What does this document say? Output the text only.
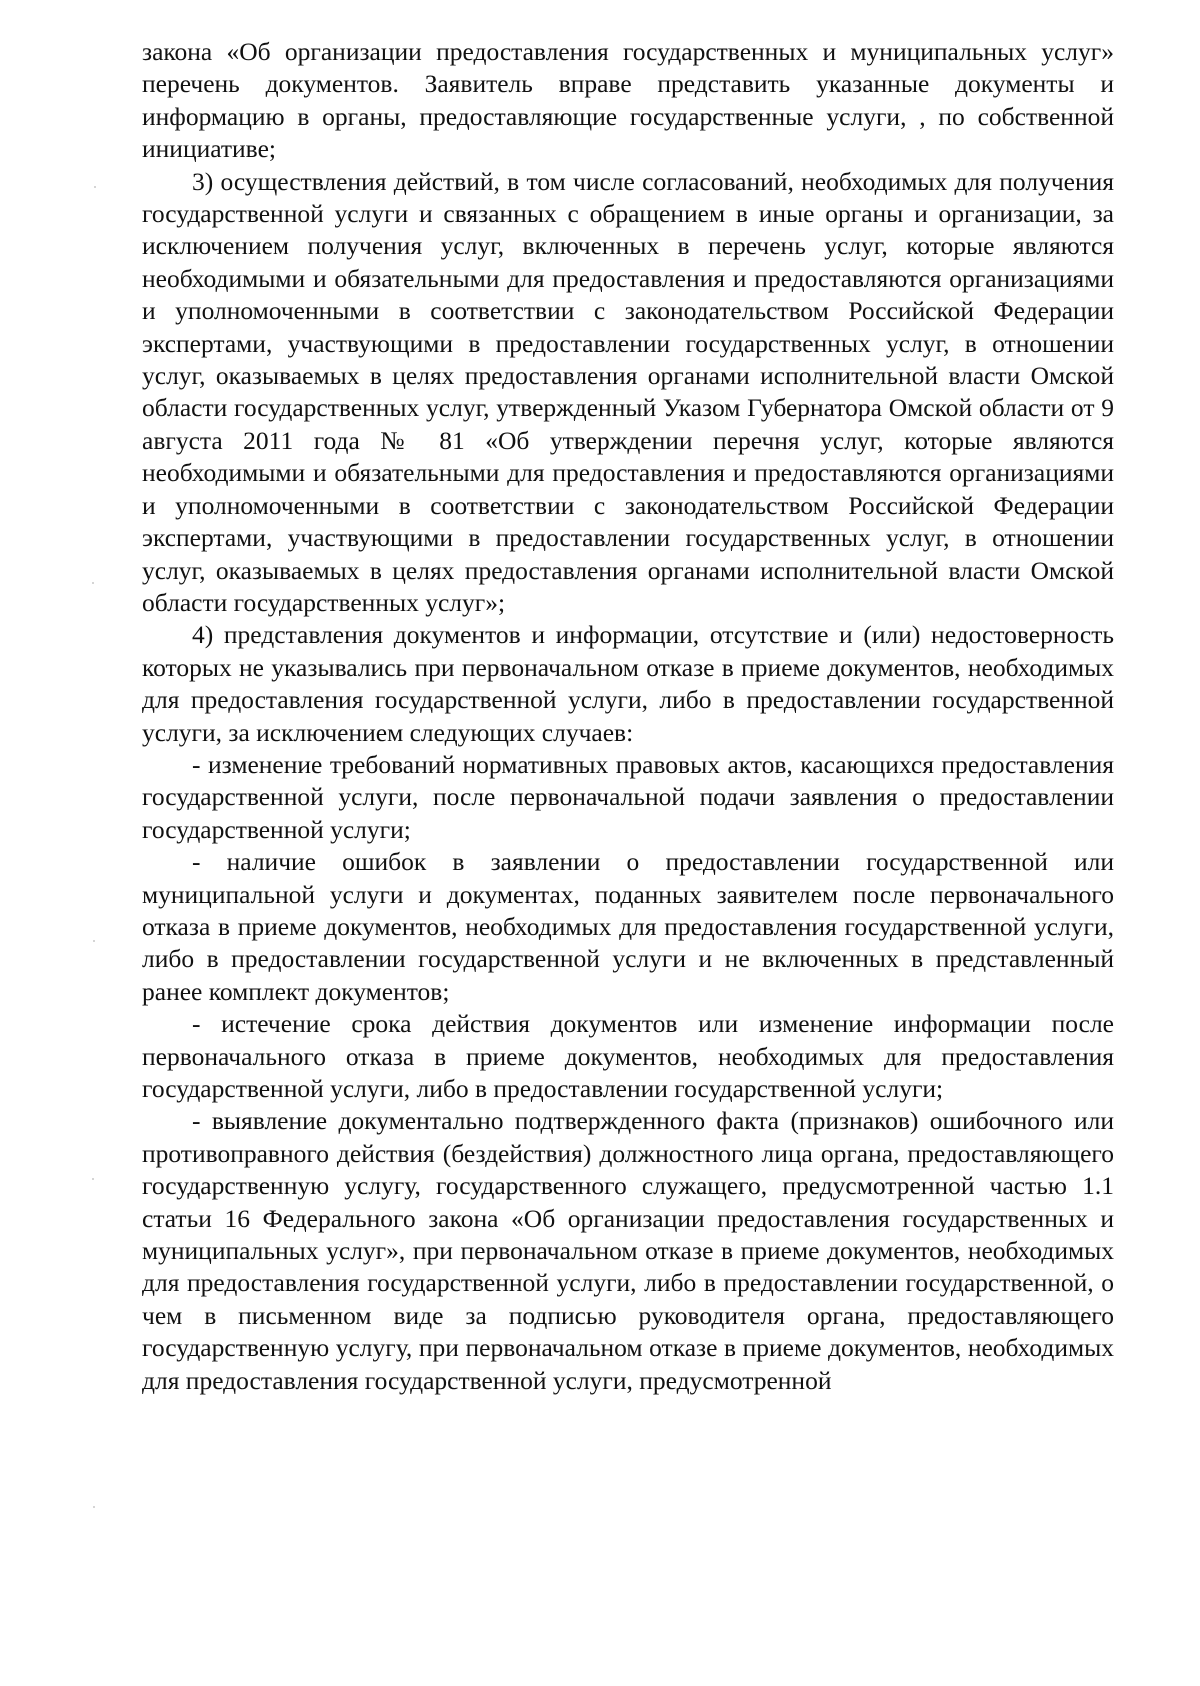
закона «Об организации предоставления государственных и муниципальных услуг» перечень документов. Заявитель вправе представить указанные документы и информацию в органы, предоставляющие государственные услуги, , по собственной инициативе;

3) осуществления действий, в том числе согласований, необходимых для получения государственной услуги и связанных с обращением в иные органы и организации, за исключением получения услуг, включенных в перечень услуг, которые являются необходимыми и обязательными для предоставления и предоставляются организациями и уполномоченными в соответствии с законодательством Российской Федерации экспертами, участвующими в предоставлении государственных услуг, в отношении услуг, оказываемых в целях предоставления органами исполнительной власти Омской области государственных услуг, утвержденный Указом Губернатора Омской области от 9 августа 2011 года № 81 «Об утверждении перечня услуг, которые являются необходимыми и обязательными для предоставления и предоставляются организациями и уполномоченными в соответствии с законодательством Российской Федерации экспертами, участвующими в предоставлении государственных услуг, в отношении услуг, оказываемых в целях предоставления органами исполнительной власти Омской области государственных услуг»;

4) представления документов и информации, отсутствие и (или) недостоверность которых не указывались при первоначальном отказе в приеме документов, необходимых для предоставления государственной услуги, либо в предоставлении государственной услуги, за исключением следующих случаев:

- изменение требований нормативных правовых актов, касающихся предоставления государственной услуги, после первоначальной подачи заявления о предоставлении государственной услуги;

- наличие ошибок в заявлении о предоставлении государственной или муниципальной услуги и документах, поданных заявителем после первоначального отказа в приеме документов, необходимых для предоставления государственной услуги, либо в предоставлении государственной услуги и не включенных в представленный ранее комплект документов;

- истечение срока действия документов или изменение информации после первоначального отказа в приеме документов, необходимых для предоставления государственной услуги, либо в предоставлении государственной услуги;

- выявление документально подтвержденного факта (признаков) ошибочного или противоправного действия (бездействия) должностного лица органа, предоставляющего государственную услугу, государственного служащего, предусмотренной частью 1.1 статьи 16 Федерального закона «Об организации предоставления государственных и муниципальных услуг», при первоначальном отказе в приеме документов, необходимых для предоставления государственной услуги, либо в предоставлении государственной, о чем в письменном виде за подписью руководителя органа, предоставляющего государственную услугу, при первоначальном отказе в приеме документов, необходимых для предоставления государственной услуги, предусмотренной
